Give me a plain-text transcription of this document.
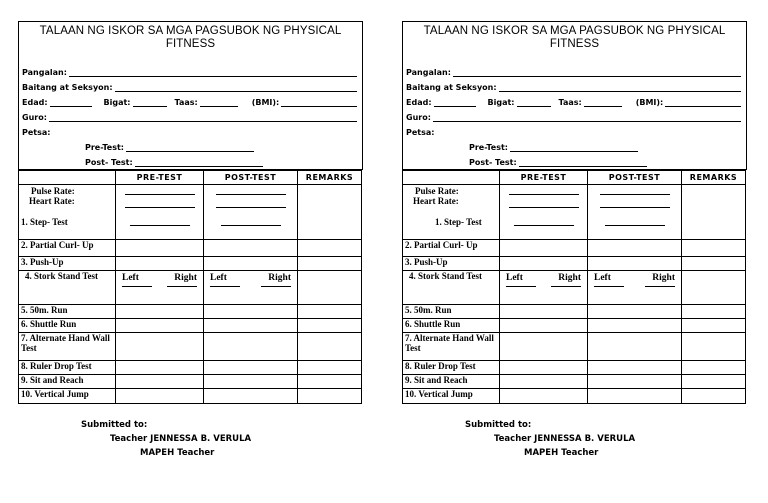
TALAAN NG ISKOR SA MGA PAGSUBOK NG PHYSICAL FITNESS
Pangalan:
Baitang at Seksyon:
Edad:	Bigat:	Taas:	(BMI):
Guro:
Petsa:
Pre-Test:
Post- Test:
	PRE-TEST	POST-TEST	REMARKS

Pulse Rate:
Heart Rate:
1. Step- Test			

2. Partial Curl- Up			
3. Push-Up			
4. Stork Stand Test	Left Right	Left Right	

5. 50m. Run			
6. Shuttle Run			
7. Alternate Hand Wall Test			
8. Ruler Drop Test			
9. Sit and Reach			
10. Vertical Jump			
Submitted to:
Teacher JENNESSA B. VERULA
MAPEH Teacher
TALAAN NG ISKOR SA MGA PAGSUBOK NG PHYSICAL FITNESS
Pangalan:
Baitang at Seksyon:
Edad:	Bigat:	Taas:	(BMI):
Guro:
Petsa:
Pre-Test:
Post- Test:
	PRE-TEST	POST-TEST	REMARKS

Pulse Rate:
Heart Rate:
1. Step- Test			

2. Partial Curl- Up			
3. Push-Up			
4. Stork Stand Test	Left Right	Left Right	

5. 50m. Run			
6. Shuttle Run			
7. Alternate Hand Wall Test			
8. Ruler Drop Test			
9. Sit and Reach			
10. Vertical Jump			
Submitted to:
Teacher JENNESSA B. VERULA
MAPEH Teacher
